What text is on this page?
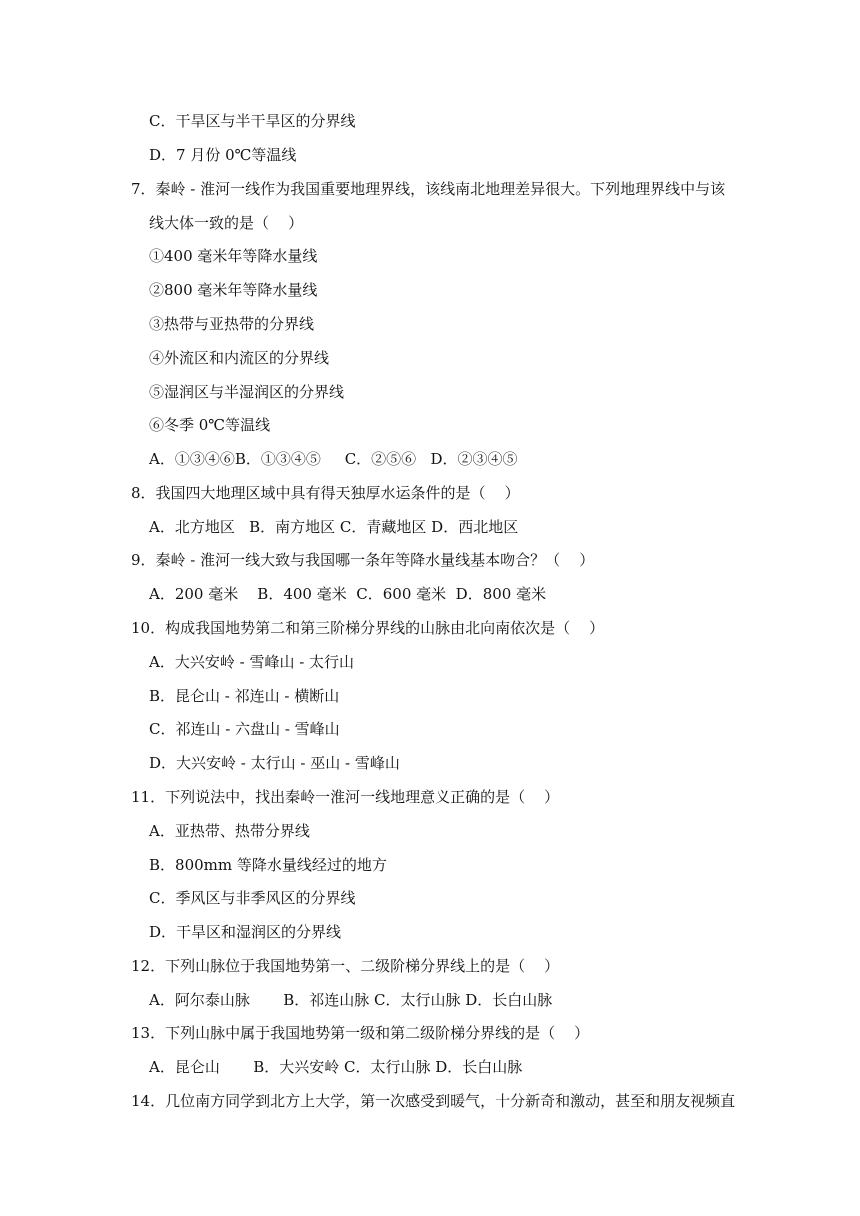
C．干旱区与半干旱区的分界线
D．7 月份 0℃等温线
7．秦岭 - 淮河一线作为我国重要地理界线，该线南北地理差异很大。下列地理界线中与该
线大体一致的是（    ）
①400 毫米年等降水量线
②800 毫米年等降水量线
③热带与亚热带的分界线
④外流区和内流区的分界线
⑤湿润区与半湿润区的分界线
⑥冬季 0℃等温线
A．①③④⑥B．①③④⑤     C．②⑤⑥   D．②③④⑤
8．我国四大地理区域中具有得天独厚水运条件的是（    ）
A．北方地区   B．南方地区 C．青藏地区 D．西北地区
9．秦岭 - 淮河一线大致与我国哪一条年等降水量线基本吻合？（    ）
A．200 毫米    B．400 毫米  C．600 毫米  D．800 毫米
10．构成我国地势第二和第三阶梯分界线的山脉由北向南依次是（    ）
A．大兴安岭 - 雪峰山 - 太行山
B．昆仑山 - 祁连山 - 横断山
C．祁连山 - 六盘山 - 雪峰山
D．大兴安岭 - 太行山 - 巫山 - 雪峰山
11．下列说法中，找出秦岭一淮河一线地理意义正确的是（    ）
A．亚热带、热带分界线
B．800mm 等降水量线经过的地方
C．季风区与非季风区的分界线
D．干旱区和湿润区的分界线
12．下列山脉位于我国地势第一、二级阶梯分界线上的是（    ）
A．阿尔泰山脉       B．祁连山脉 C．太行山脉 D．长白山脉
13．下列山脉中属于我国地势第一级和第二级阶梯分界线的是（    ）
A．昆仑山       B．大兴安岭 C．太行山脉 D．长白山脉
14．几位南方同学到北方上大学，第一次感受到暖气，十分新奇和激动，甚至和朋友视频直
